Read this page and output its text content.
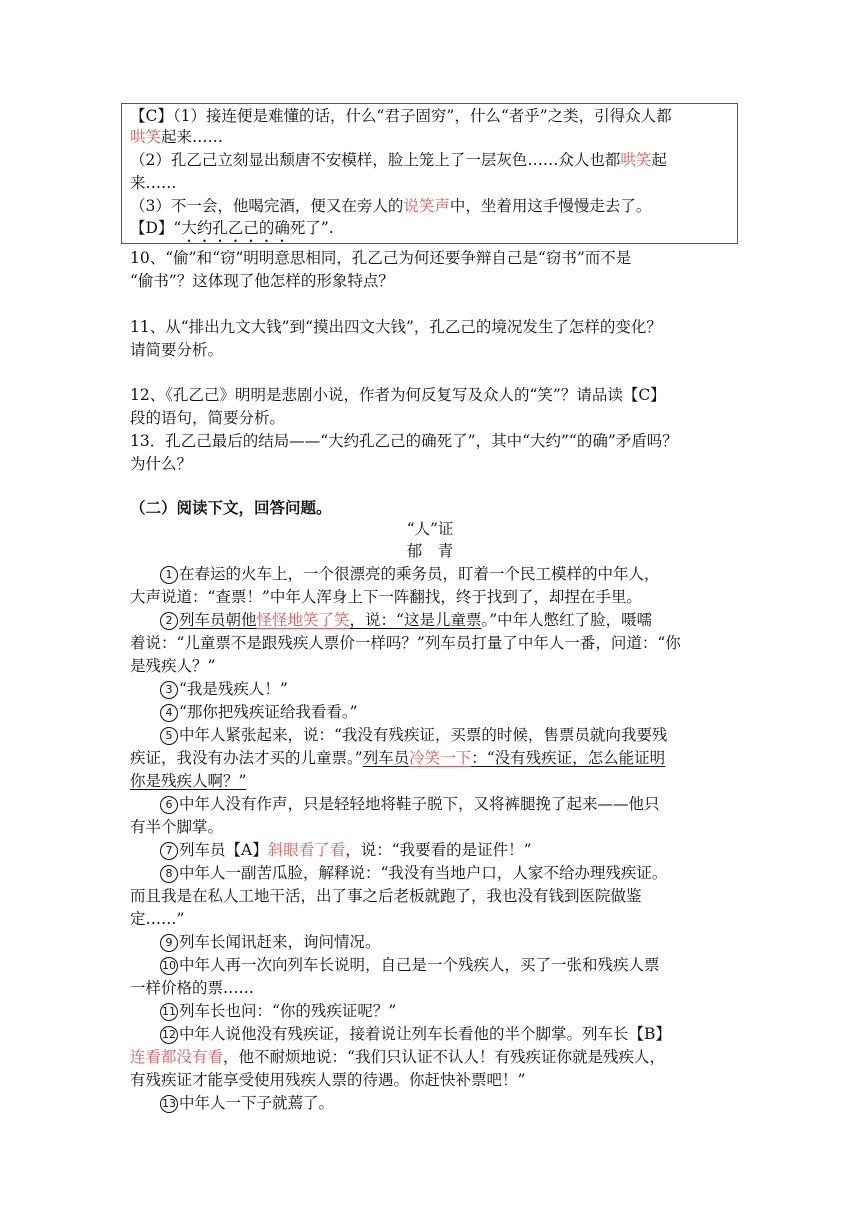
【C】（1）接连便是难懂的话，什么“君子固穷”，什么“者乎”之类，引得众人都
哄笑起来……
（2）孔乙己立刻显出颓唐不安模样，脸上笼上了一层灰色……众人也都哄笑起
来……
（3）不一会，他喝完酒，便又在旁人的说笑声中，坐着用这手慢慢走去了。
【D】“大约孔乙己的确死了”.
10、“偷”和“窃”明明意思相同，孔乙己为何还要争辩自己是“窃书”而不是
“偷书”？这体现了他怎样的形象特点？
11、从“排出九文大钱”到“摸出四文大钱”，孔乙己的境况发生了怎样的变化？
请简要分析。
12、《孔乙己》明明是悲剧小说，作者为何反复写及众人的“笑”？请品读【C】
段的语句，简要分析。
13．孔乙己最后的结局——“大约孔乙己的确死了”，其中“大约”“的确”矛盾吗？
为什么？
（二）阅读下文，回答问题。
“人”证
郁　青
1 在春运的火车上，一个很漂亮的乘务员，盯着一个民工模样的中年人，
大声说道：“查票！”中年人浑身上下一阵翻找，终于找到了，却捏在手里。
2 列车员朝他怪怪地笑了笑，说：“这是儿童票。”中年人憋红了脸，嗫嚅
着说：“儿童票不是跟残疾人票价一样吗？”列车员打量了中年人一番，问道：“你
是残疾人？”
3 “我是残疾人！”
4 “那你把残疾证给我看看。”
5 中年人紧张起来，说：“我没有残疾证，买票的时候，售票员就向我要残
疾证，我没有办法才买的儿童票。”列车员冷笑一下：“没有残疾证，怎么能证明
你是残疾人啊？”
6 中年人没有作声，只是轻轻地将鞋子脱下，又将裤腿挽了起来——他只
有半个脚掌。
7 列车员【A】斜眼看了看，说：“我要看的是证件！”
8 中年人一副苦瓜脸，解释说：“我没有当地户口，人家不给办理残疾证。
而且我是在私人工地干活，出了事之后老板就跑了，我也没有钱到医院做鉴
定……”
9 列车长闻讯赶来，询问情况。
10 中年人再一次向列车长说明，自己是一个残疾人，买了一张和残疾人票
一样价格的票……
11 列车长也问：“你的残疾证呢？”
12 中年人说他没有残疾证，接着说让列车长看他的半个脚掌。列车长【B】
连看都没有看，他不耐烦地说：“我们只认证不认人！有残疾证你就是残疾人，
有残疾证才能享受使用残疾人票的待遇。你赶快补票吧！”
13 中年人一下子就蔫了。
